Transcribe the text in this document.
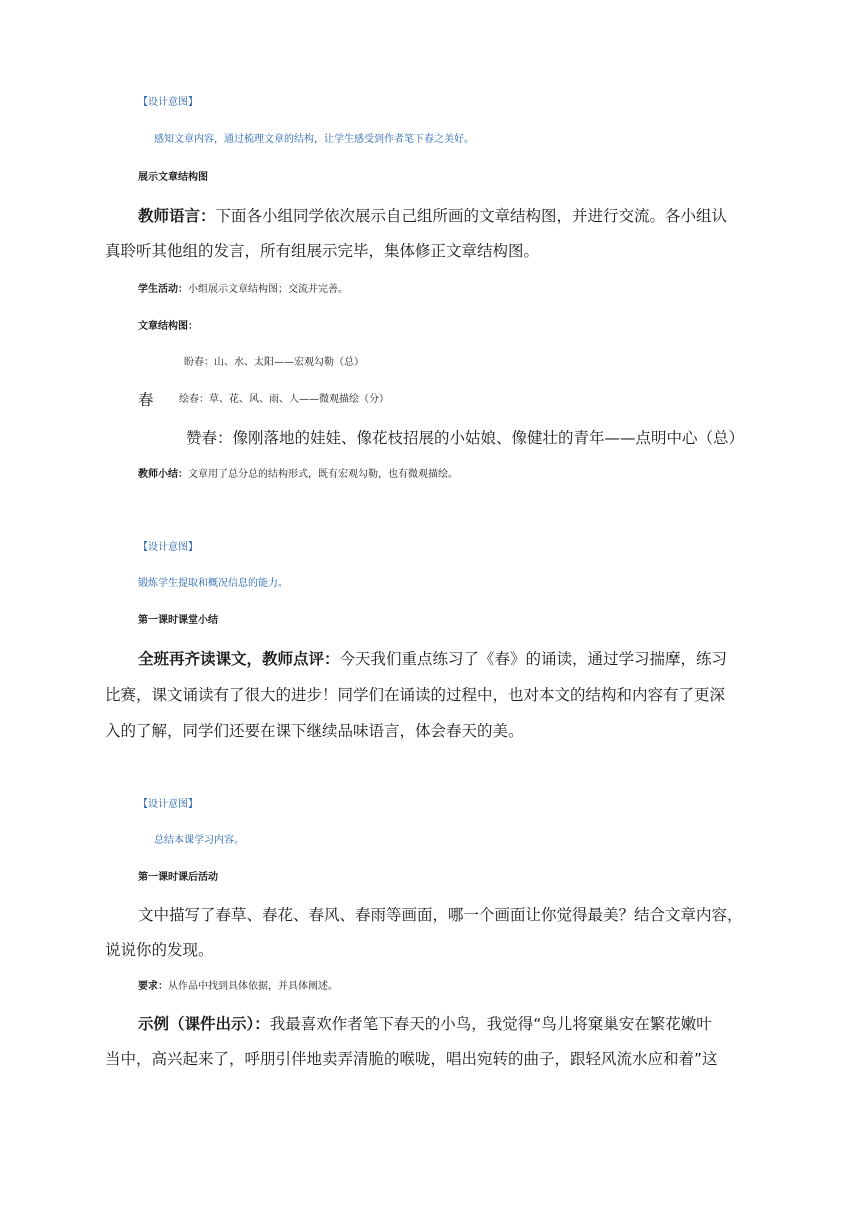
【设计意图】
感知文章内容，通过梳理文章的结构，让学生感受到作者笔下春之美好。
展示文章结构图
教师语言：下面各小组同学依次展示自己组所画的文章结构图，并进行交流。各小组认
真聆听其他组的发言，所有组展示完毕，集体修正文章结构图。
学生活动：小组展示文章结构图；交流并完善。
文章结构图：
盼春：山、水、太阳——宏观勾勒（总）
春	绘春：草、花、风、雨、人——微观描绘（分）
赞春：像刚落地的娃娃、像花枝招展的小姑娘、像健壮的青年——点明中心（总）
教师小结：文章用了总分总的结构形式，既有宏观勾勒，也有微观描绘。
【设计意图】
锻炼学生提取和概况信息的能力。
第一课时课堂小结
全班再齐读课文，教师点评：今天我们重点练习了《春》的诵读，通过学习揣摩，练习
比赛，课文诵读有了很大的进步！同学们在诵读的过程中，也对本文的结构和内容有了更深
入的了解，同学们还要在课下继续品味语言，体会春天的美。
【设计意图】
总结本课学习内容。
第一课时课后活动
文中描写了春草、春花、春风、春雨等画面，哪一个画面让你觉得最美？结合文章内容，
说说你的发现。
要求：从作品中找到具体依据，并具体阐述。
示例（课件出示）：我最喜欢作者笔下春天的小鸟，我觉得“鸟儿将窠巢安在繁花嫩叶
当中，高兴起来了，呼朋引伴地卖弄清脆的喉咙，唱出宛转的曲子，跟轻风流水应和着”这
